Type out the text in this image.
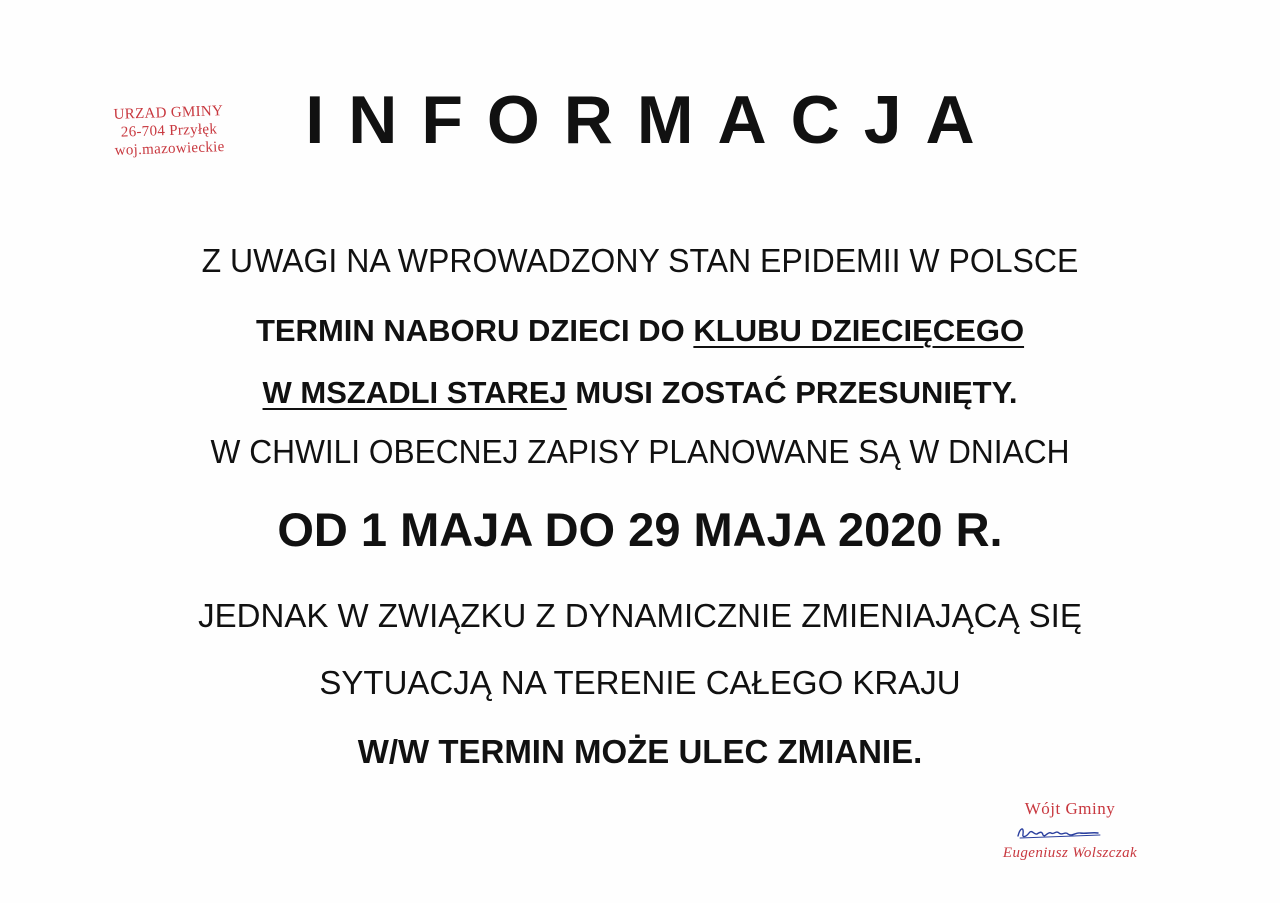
URZAD GMINY
26-704 Przyłęk
woj.mazowieckie	INFORMACJA
Z UWAGI NA WPROWADZONY STAN EPIDEMII W POLSCE
TERMIN NABORU DZIECI DO KLUBU DZIECIĘCEGO
W MSZADLI STAREJ MUSI ZOSTAĆ PRZESUNIĘTY.
W CHWILI OBECNEJ ZAPISY PLANOWANE SĄ W DNIACH
OD 1 MAJA DO 29 MAJA 2020 R.
JEDNAK W ZWIĄZKU Z DYNAMICZNIE ZMIENIAJĄCĄ SIĘ
SYTUACJĄ NA TERENIE CAŁEGO KRAJU
W/W TERMIN MOŻE ULEC ZMIANIE.
Wójt Gminy
Eugeniusz Wolszczak
